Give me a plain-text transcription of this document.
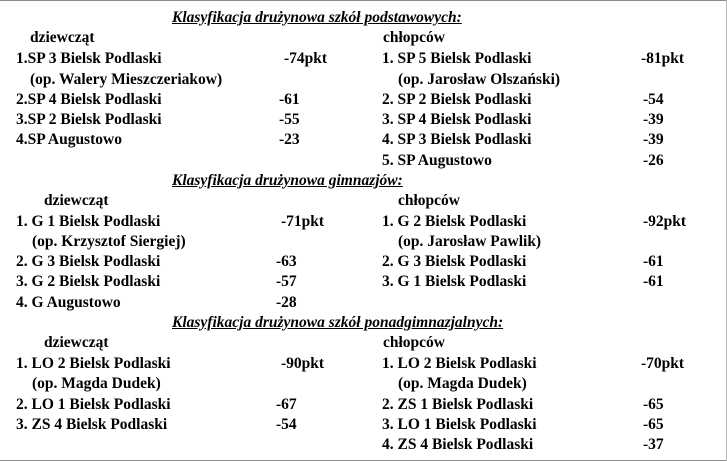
Klasyfikacja drużynowa szkół podstawowych:
dziewcząt	chłopców
1.SP 3 Bielsk Podlaski	-74pkt
(op. Walery Mieszczeriakow)
2.SP 4 Bielsk Podlaski	-61
3.SP 2 Bielsk Podlaski	-55
4.SP Augustowo	-23
1. SP 5 Bielsk Podlaski	-81pkt
(op. Jarosław Olszański)
2. SP 2 Bielsk Podlaski	-54
3. SP 4 Bielsk Podlaski	-39
4. SP 3 Bielsk Podlaski	-39
5. SP Augustowo	-26
Klasyfikacja drużynowa gimnazjów:
dziewcząt	chłopców
1. G 1 Bielsk Podlaski	-71pkt
(op. Krzysztof Siergiej)
2. G 3 Bielsk Podlaski	-63
3. G 2 Bielsk Podlaski	-57
4. G Augustowo	-28
1. G 2 Bielsk Podlaski	-92pkt
(op. Jarosław Pawlik)
2. G 3 Bielsk Podlaski	-61
3. G 1 Bielsk Podlaski	-61
Klasyfikacja drużynowa szkół ponadgimnazjalnych:
dziewcząt	chłopców
1. LO 2 Bielsk Podlaski	-90pkt
(op. Magda Dudek)
2. LO 1 Bielsk Podlaski	-67
3. ZS 4 Bielsk Podlaski	-54
1. LO 2 Bielsk Podlaski	-70pkt
(op. Magda Dudek)
2. ZS 1 Bielsk Podlaski	-65
3. LO 1 Bielsk Podlaski	-65
4. ZS 4 Bielsk Podlaski	-37
